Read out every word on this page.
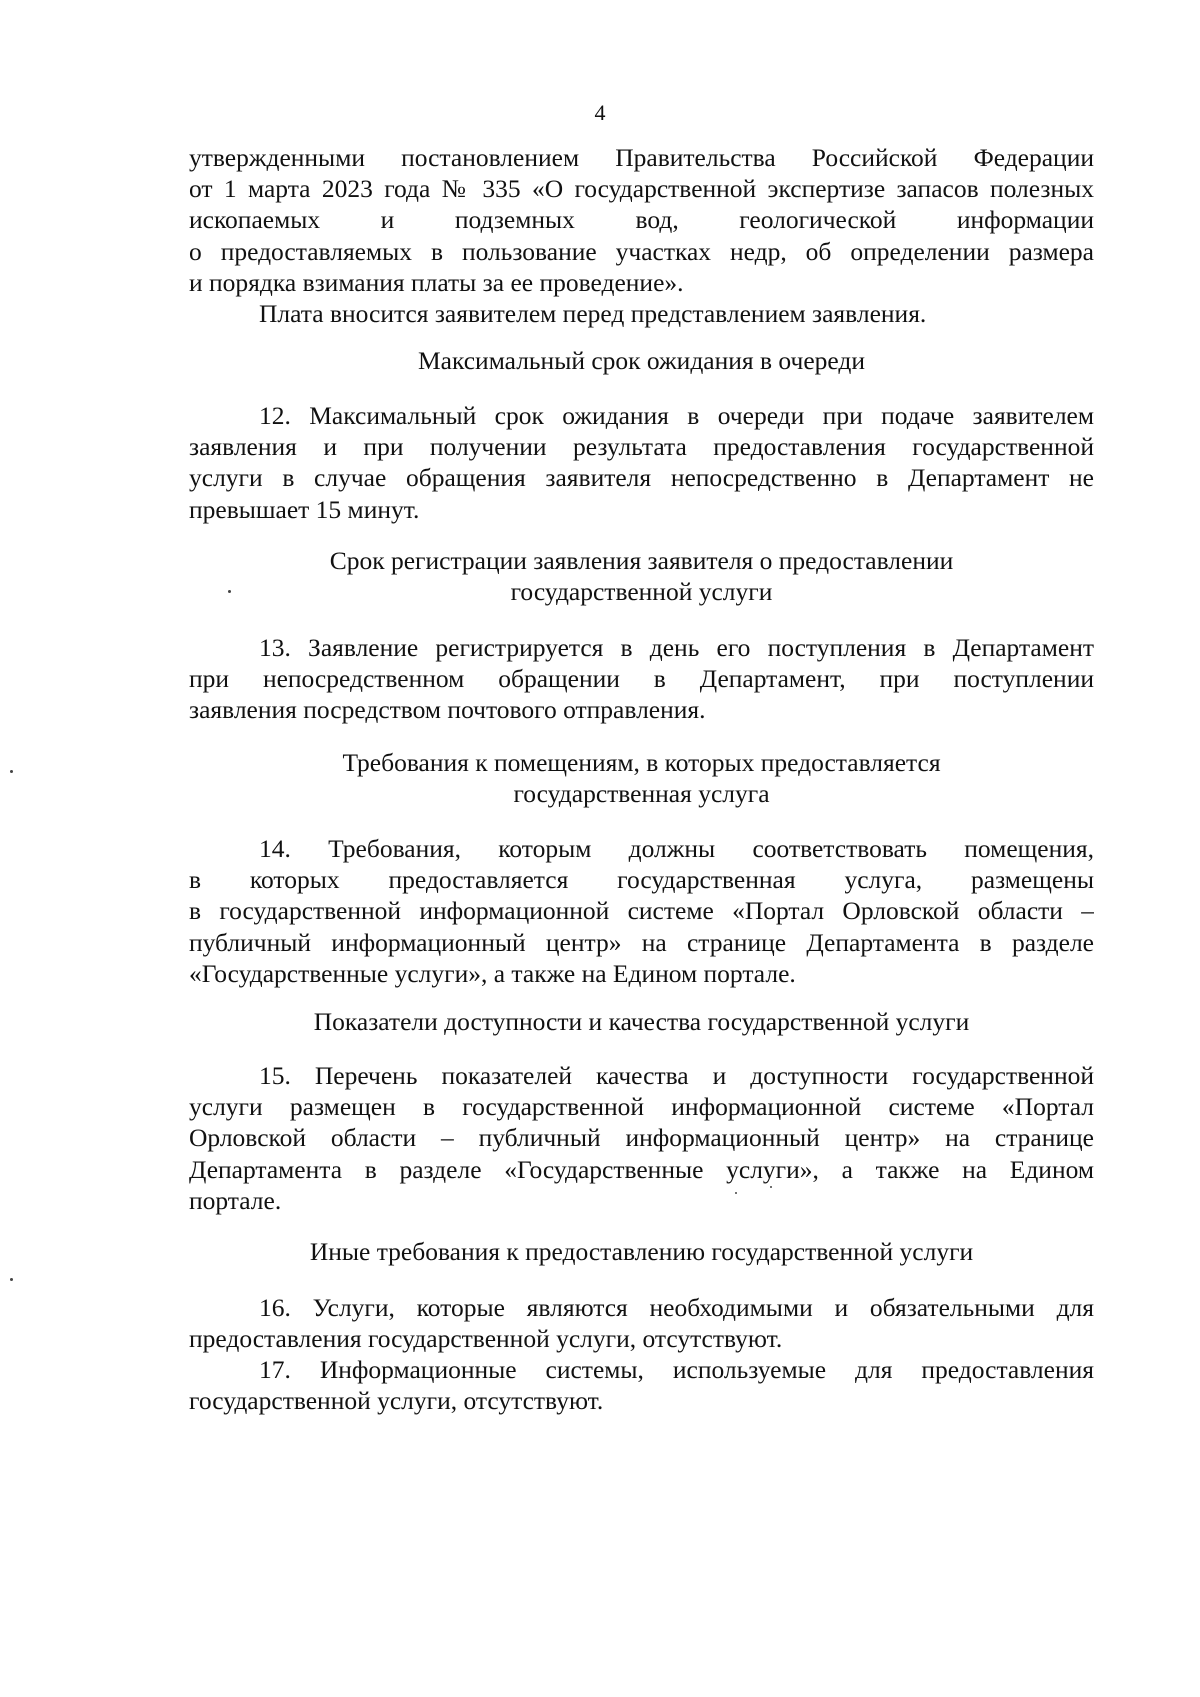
4
утвержденными постановлением Правительства Российской Федерации
от 1 марта 2023 года № 335 «О государственной экспертизе запасов полезных
ископаемых и подземных вод, геологической информации
о предоставляемых в пользование участках недр, об определении размера
и порядка взимания платы за ее проведение».
Плата вносится заявителем перед представлением заявления.
Максимальный срок ожидания в очереди
12. Максимальный срок ожидания в очереди при подаче заявителем
заявления и при получении результата предоставления государственной
услуги в случае обращения заявителя непосредственно в Департамент не
превышает 15 минут.
Срок регистрации заявления заявителя о предоставлении
государственной услуги
13. Заявление регистрируется в день его поступления в Департамент
при непосредственном обращении в Департамент, при поступлении
заявления посредством почтового отправления.
Требования к помещениям, в которых предоставляется
государственная услуга
14. Требования, которым должны соответствовать помещения,
в которых предоставляется государственная услуга, размещены
в государственной информационной системе «Портал Орловской области –
публичный информационный центр» на странице Департамента в разделе
«Государственные услуги», а также на Едином портале.
Показатели доступности и качества государственной услуги
15. Перечень показателей качества и доступности государственной
услуги размещен в государственной информационной системе «Портал
Орловской области – публичный информационный центр» на странице
Департамента в разделе «Государственные услуги», а также на Едином
портале.
Иные требования к предоставлению государственной услуги
16. Услуги, которые являются необходимыми и обязательными для
предоставления государственной услуги, отсутствуют.
17. Информационные системы, используемые для предоставления
государственной услуги, отсутствуют.
